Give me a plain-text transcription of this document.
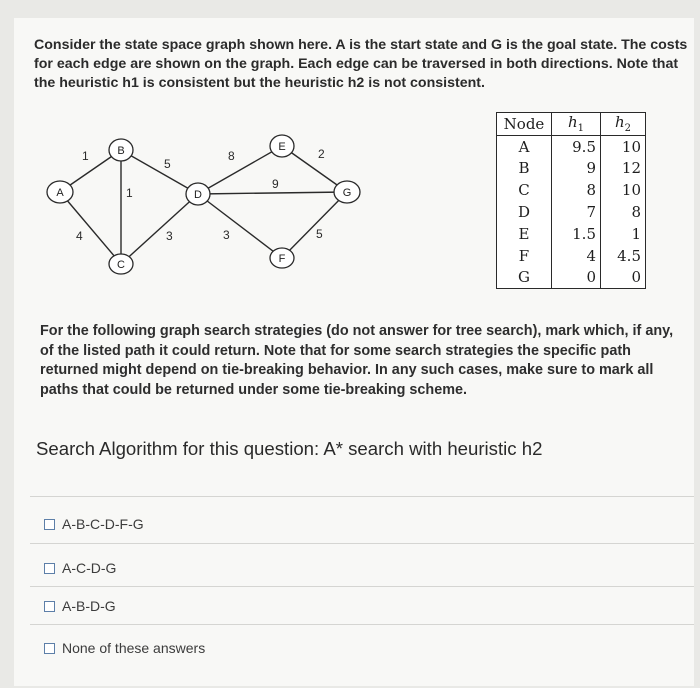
Consider the state space graph shown here. A is the start state and G is the goal state. The costs for each edge are shown on the graph. Each edge can be traversed in both directions. Note that the heuristic h1 is consistent but the heuristic h2 is not consistent.
1
4
1
5
3
8
9
3
2
5
A
B
C
D
E
F
G
Node	$h_1$	$h_2$
A	9.5	10
B	9	12
C	8	10
D	7	8
E	1.5	1
F	4	4.5
G	0	0
For the following graph search strategies (do not answer for tree search), mark which, if any, of the listed path it could return. Note that for some search strategies the specific path returned might depend on tie-breaking behavior. In any such cases, make sure to mark all paths that could be returned under some tie-breaking scheme.
Search Algorithm for this question: A* search with heuristic h2
A-B-C-D-F-G
A-C-D-G
A-B-D-G
None of these answers
